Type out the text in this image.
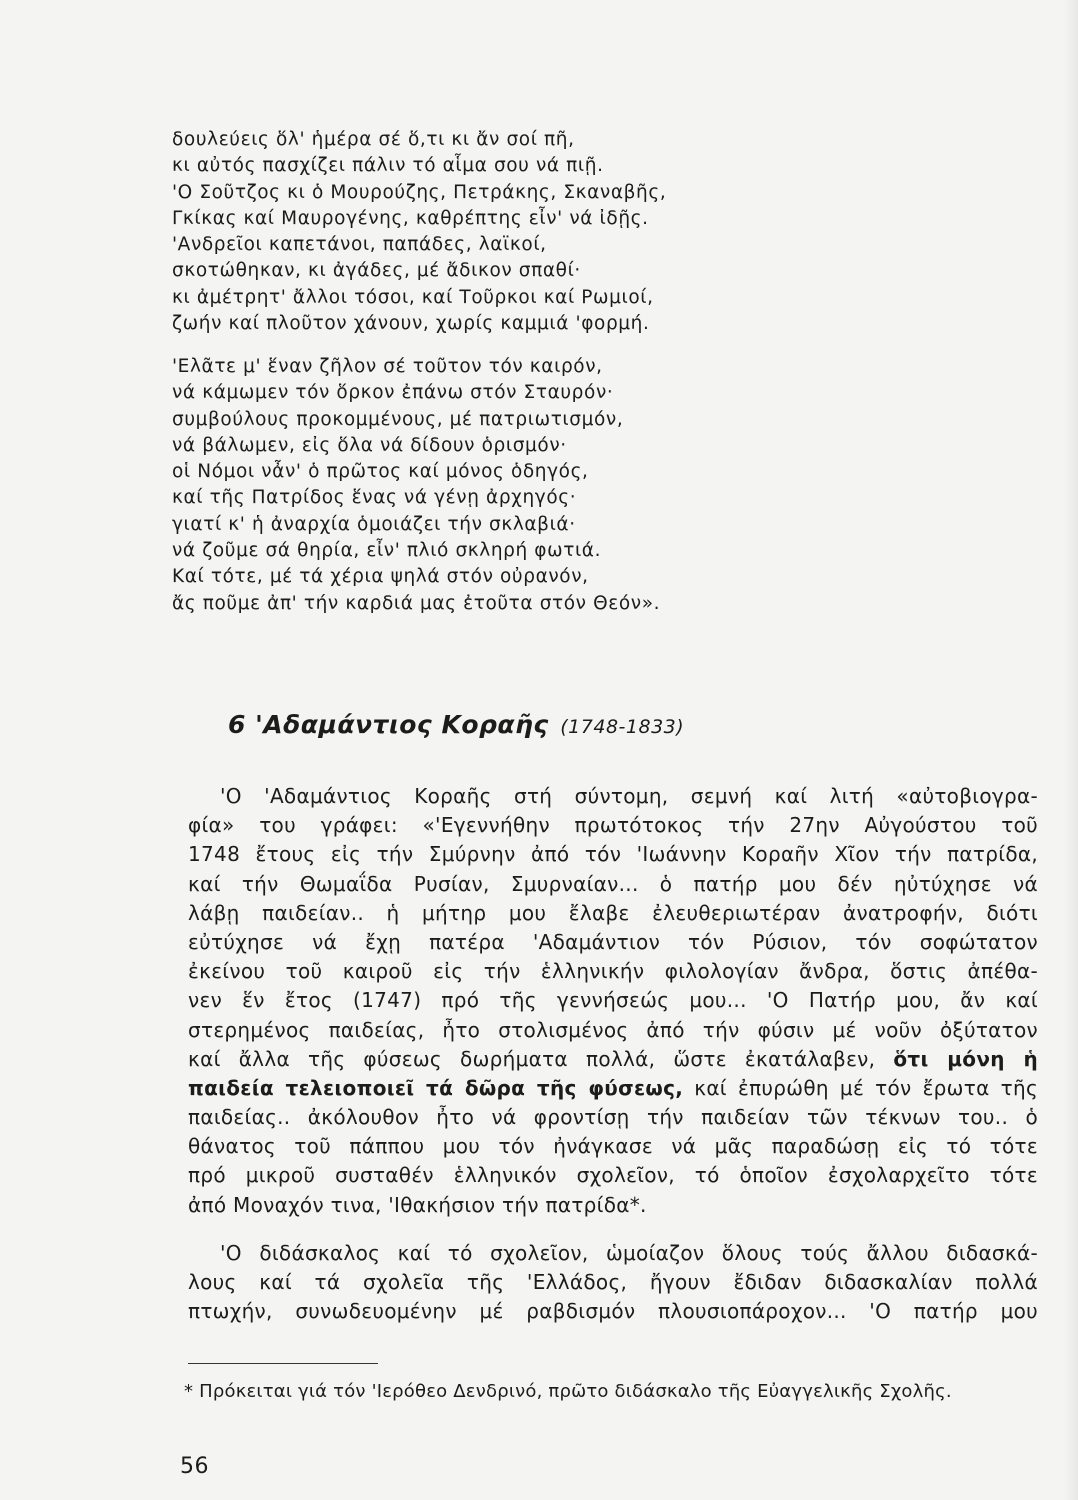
δουλεύεις ὅλ' ἡμέρα σέ ὅ,τι κι ἄν σοί πῆ,
κι αὐτός πασχίζει πάλιν τό αἷμα σου νά πιῇ.
'Ο Σοῦτζος κι ὁ Μουρούζης, Πετράκης, Σκαναβῆς,
Γκίκας καί Μαυρογένης, καθρέπτης εἶν' νά ἰδῇς.
'Ανδρεῖοι καπετάνοι, παπάδες, λαϊκοί,
σκοτώθηκαν, κι ἀγάδες, μέ ἄδικον σπαθί·
κι ἀμέτρητ' ἄλλοι τόσοι, καί Τοῦρκοι καί Ρωμιοί,
ζωήν καί πλοῦτον χάνουν, χωρίς καμμιά 'φορμή.
'Ελᾶτε μ' ἕναν ζῆλον σέ τοῦτον τόν καιρόν,
νά κάμωμεν τόν ὅρκον ἐπάνω στόν Σταυρόν·
συμβούλους προκομμένους, μέ πατριωτισμόν,
νά βάλωμεν, εἰς ὅλα νά δίδουν ὁρισμόν·
οἱ Νόμοι νἆν' ὁ πρῶτος καί μόνος ὁδηγός,
καί τῆς Πατρίδος ἕνας νά γένῃ ἀρχηγός·
γιατί κ' ἡ ἀναρχία ὁμοιάζει τήν σκλαβιά·
νά ζοῦμε σά θηρία, εἶν' πλιό σκληρή φωτιά.
Καί τότε, μέ τά χέρια ψηλά στόν οὐρανόν,
ἄς ποῦμε ἀπ' τήν καρδιά μας ἐτοῦτα στόν Θεόν».
6 'Αδαμάντιος Κοραῆς (1748-1833)
'Ο 'Αδαμάντιος Κοραῆς στή σύντομη, σεμνή καί λιτή «αὐτοβιογρα-
φία» του γράφει: «'Εγεννήθην πρωτότοκος τήν 27ην Αὐγούστου τοῦ
1748 ἔτους εἰς τήν Σμύρνην ἀπό τόν 'Ιωάννην Κοραῆν Χῖον τήν πατρίδα,
καί τήν Θωμαΐδα Ρυσίαν, Σμυρναίαν... ὁ πατήρ μου δέν ηὐτύχησε νά
λάβῃ παιδείαν.. ἡ μήτηρ μου ἔλαβε ἐλευθεριωτέραν ἀνατροφήν, διότι
εὐτύχησε νά ἔχῃ πατέρα 'Αδαμάντιον τόν Ρύσιον, τόν σοφώτατον
ἐκείνου τοῦ καιροῦ εἰς τήν ἑλληνικήν φιλολογίαν ἄνδρα, ὅστις ἀπέθα-
νεν ἕν ἔτος (1747) πρό τῆς γεννήσεώς μου... 'Ο Πατήρ μου, ἄν καί
στερημένος παιδείας, ἦτο στολισμένος ἀπό τήν φύσιν μέ νοῦν ὀξύτατον
καί ἄλλα τῆς φύσεως δωρήματα πολλά, ὥστε ἐκατάλαβεν, ὅτι μόνη ἡ
παιδεία τελειοποιεῖ τά δῶρα τῆς φύσεως, καί ἐπυρώθη μέ τόν ἔρωτα τῆς
παιδείας.. ἀκόλουθον ἦτο νά φροντίσῃ τήν παιδείαν τῶν τέκνων του.. ὁ
θάνατος τοῦ πάππου μου τόν ἠνάγκασε νά μᾶς παραδώσῃ εἰς τό τότε
πρό μικροῦ συσταθέν ἑλληνικόν σχολεῖον, τό ὁποῖον ἐσχολαρχεῖτο τότε
ἀπό Μοναχόν τινα, 'Ιθακήσιον τήν πατρίδα*.
'Ο διδάσκαλος καί τό σχολεῖον, ὡμοίαζον ὅλους τούς ἄλλου διδασκά-
λους καί τά σχολεῖα τῆς 'Ελλάδος, ἤγουν ἔδιδαν διδασκαλίαν πολλά
πτωχήν, συνωδευομένην μέ ραβδισμόν πλουσιοπάροχον... 'Ο πατήρ μου
* Πρόκειται γιά τόν 'Ιερόθεο Δενδρινό, πρῶτο διδάσκαλο τῆς Εὐαγγελικῆς Σχολῆς.
56
